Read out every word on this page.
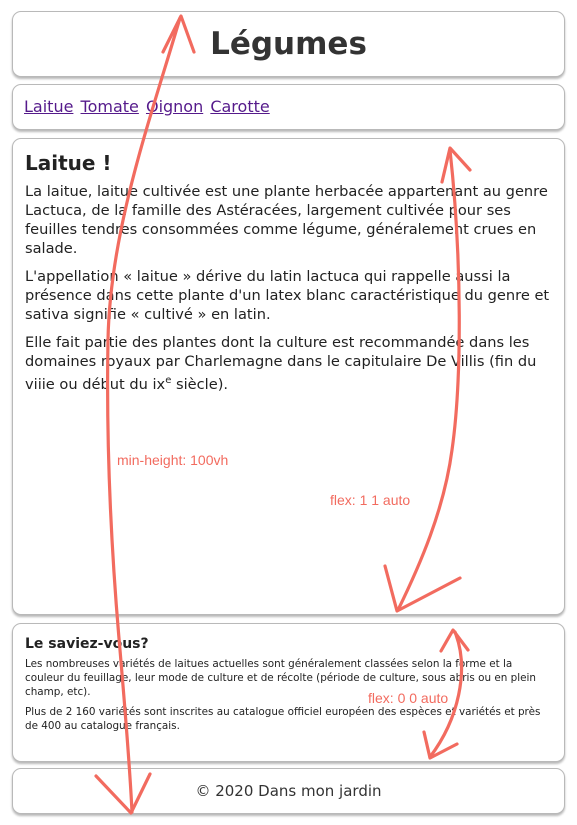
Légumes
Laitue Tomate Oignon Carotte
Laitue !

La laitue, laitue cultivée est une plante herbacée appartenant au genre Lactuca, de la famille des Astéracées, largement cultivée pour ses feuilles tendres consommées comme légume, généralement crues en salade.

L'appellation « laitue » dérive du latin lactuca qui rappelle aussi la présence dans cette plante d'un latex blanc caractéristique du genre et sativa signifie « cultivé » en latin.

Elle fait partie des plantes dont la culture est recommandée dans les domaines royaux par Charlemagne dans le capitulaire De Villis (fin du viiie ou début du $ix^e$ siècle).

Le saviez-vous?

Les nombreuses variétés de laitues actuelles sont généralement classées selon la forme et la couleur du feuillage, leur mode de culture et de récolte (période de culture, sous abris ou en plein champ, etc).

Plus de 2 160 variétés sont inscrites au catalogue officiel européen des espèces et variétés et près de 400 au catalogue français.

© 2020 Dans mon jardin
min-height: 100vh
flex: 1 1 auto
flex: 0 0 auto
